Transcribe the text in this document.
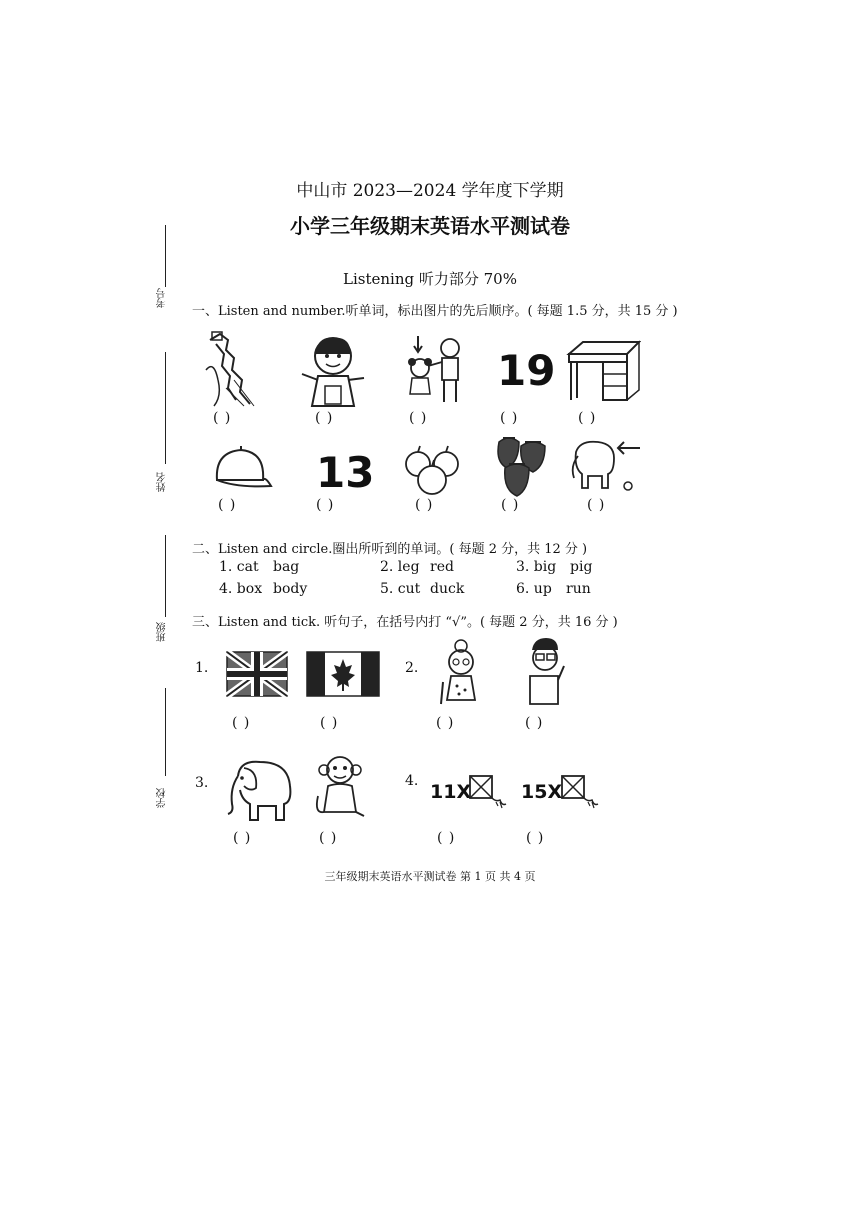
考号
姓名
班级
学校
中山市 2023—2024 学年度下学期
小学三年级期末英语水平测试卷
Listening 听力部分 70%
一、Listen and number.听单词，标出图片的先后顺序。( 每题 1.5 分，共 15 分 )
19
( )	( )	( )	( )	( )
13
( )	( )	( )	( )	( )
二、Listen and circle.圈出所听到的单词。( 每题 2 分，共 12 分 )
1. cat bag	2. leg red	3. big pig
4. box body	5. cut duck	6. up run
三、Listen and tick. 听句子，在括号内打 “√”。( 每题 2 分，共 16 分 )
1.	2.
( )	( )	( )	( )
3.	4. 11X	15X
( )	( )	( )	( )
三年级期末英语水平测试卷 第 1 页 共 4 页
